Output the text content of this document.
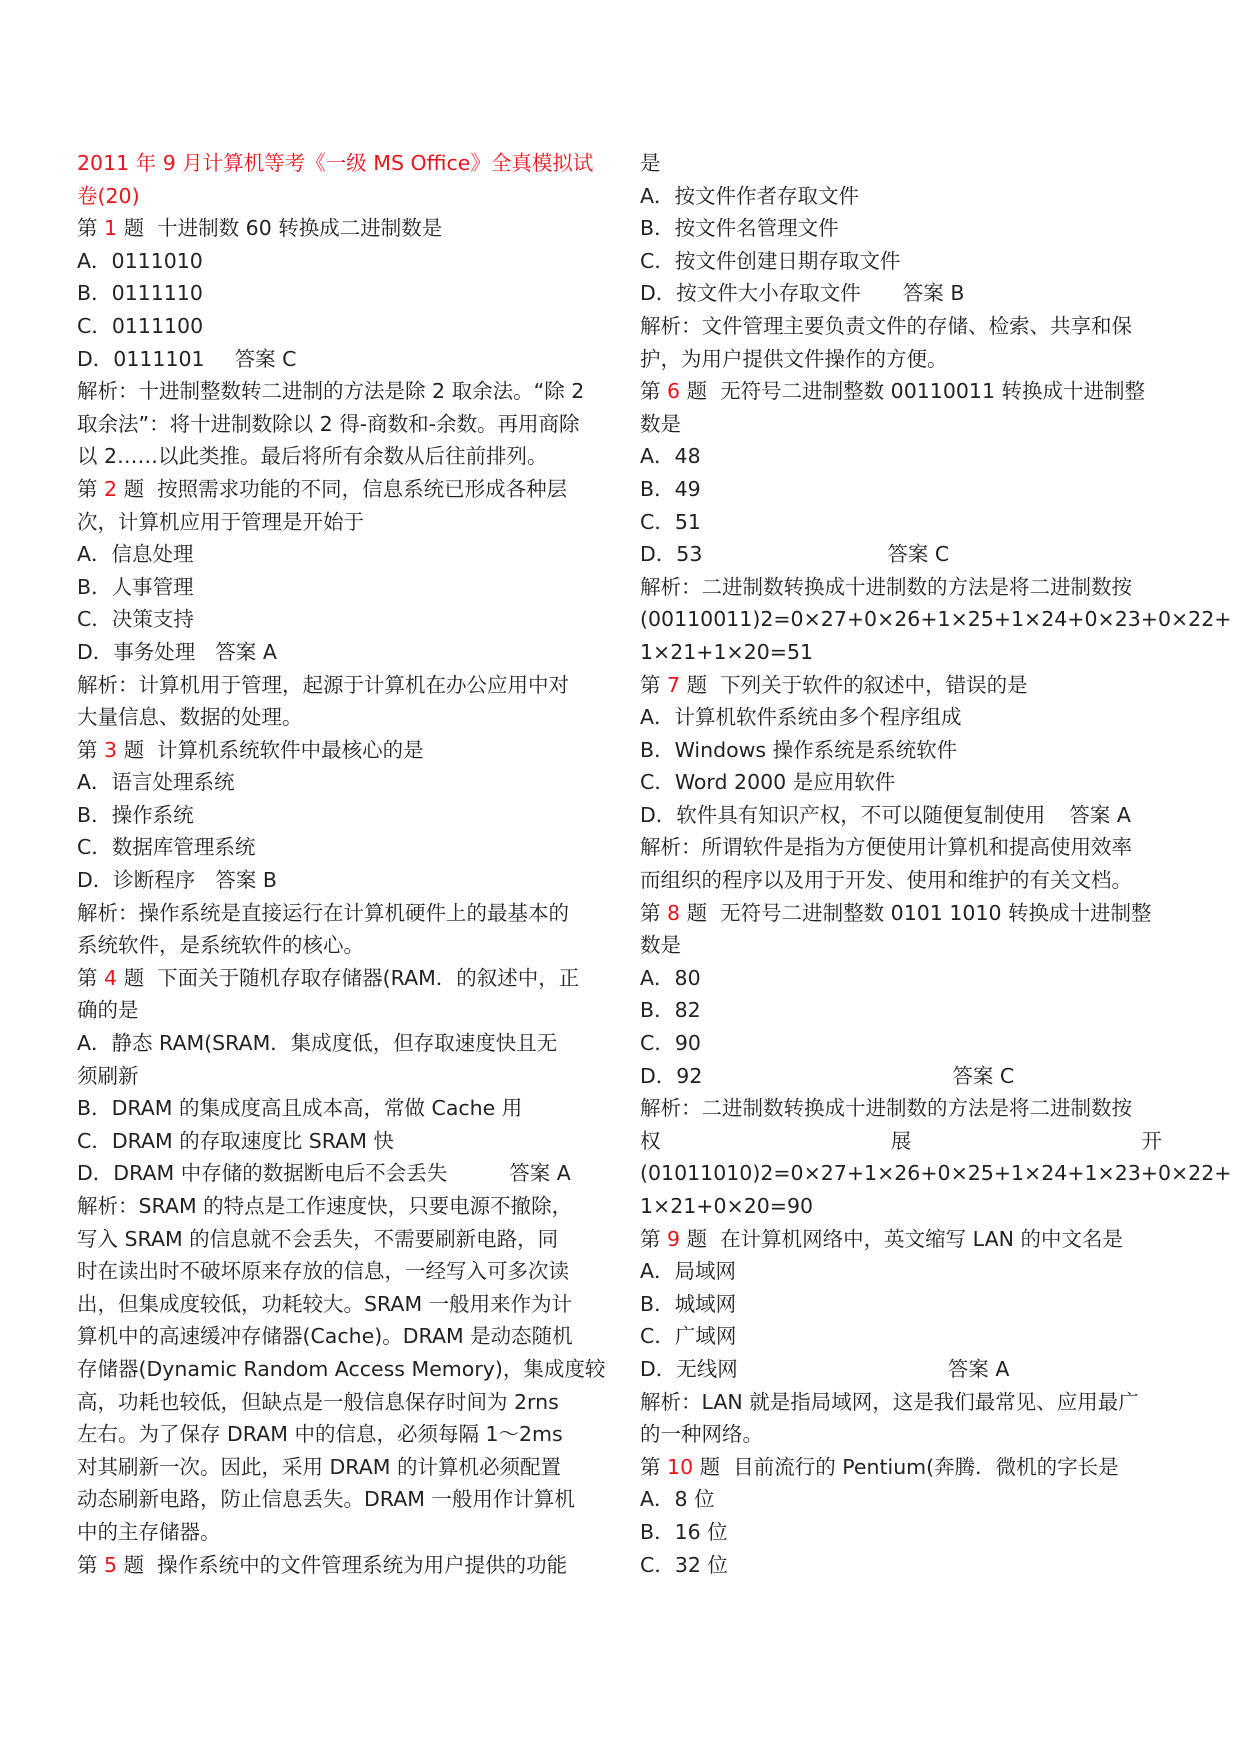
2011 年 9 月计算机等考《一级 MS Office》全真模拟试
卷(20)
第 1 题 十进制数 60 转换成二进制数是
A．0111010
B．0111110
C．0111100
D．0111101 答案 C
解析：十进制整数转二进制的方法是除 2 取余法。“除 2
取余法”：将十进制数除以 2 得-商数和-余数。再用商除
以 2……以此类推。最后将所有余数从后往前排列。
第 2 题 按照需求功能的不同，信息系统已形成各种层
次，计算机应用于管理是开始于
A．信息处理
B．人事管理
C．决策支持
D．事务处理 答案 A
解析：计算机用于管理，起源于计算机在办公应用中对
大量信息、数据的处理。
第 3 题 计算机系统软件中最核心的是
A．语言处理系统
B．操作系统
C．数据库管理系统
D．诊断程序 答案 B
解析：操作系统是直接运行在计算机硬件上的最基本的
系统软件，是系统软件的核心。
第 4 题 下面关于随机存取存储器(RAM．的叙述中，正
确的是
A．静态 RAM(SRAM．集成度低，但存取速度快且无
须刷新
B．DRAM 的集成度高且成本高，常做 Cache 用
C．DRAM 的存取速度比 SRAM 快
D．DRAM 中存储的数据断电后不会丢失	答案 A
解析：SRAM 的特点是工作速度快，只要电源不撤除，
写入 SRAM 的信息就不会丢失，不需要刷新电路，同
时在读出时不破坏原来存放的信息，一经写入可多次读
出，但集成度较低，功耗较大。SRAM 一般用来作为计
算机中的高速缓冲存储器(Cache)。DRAM 是动态随机
存储器(Dynamic Random Access Memory)，集成度较
高，功耗也较低，但缺点是一般信息保存时间为 2rns
左右。为了保存 DRAM 中的信息，必须每隔 1～2ms
对其刷新一次。因此，采用 DRAM 的计算机必须配置
动态刷新电路，防止信息丢失。DRAM 一般用作计算机
中的主存储器。
第 5 题 操作系统中的文件管理系统为用户提供的功能
是
A．按文件作者存取文件
B．按文件名管理文件
C．按文件创建日期存取文件
D．按文件大小存取文件 答案 B
解析：文件管理主要负责文件的存储、检索、共享和保
护，为用户提供文件操作的方便。
第 6 题 无符号二进制整数 00110011 转换成十进制整
数是
A．48
B．49
C．51
D．53	答案 C
解析：二进制数转换成十进制数的方法是将二进制数按
(00110011)2=0×27+0×26+1×25+1×24+0×23+0×22+
1×21+1×20=51
第 7 题 下列关于软件的叙述中，错误的是
A．计算机软件系统由多个程序组成
B．Windows 操作系统是系统软件
C．Word 2000 是应用软件
D．软件具有知识产权，不可以随便复制使用 答案 A
解析：所谓软件是指为方便使用计算机和提高使用效率
而组织的程序以及用于开发、使用和维护的有关文档。
第 8 题 无符号二进制整数 0101 1010 转换成十进制整
数是
A．80
B．82
C．90
D．92	答案 C
解析：二进制数转换成十进制数的方法是将二进制数按
权	展	开
(01011010)2=0×27+1×26+0×25+1×24+1×23+0×22+
1×21+0×20=90
第 9 题 在计算机网络中，英文缩写 LAN 的中文名是
A．局域网
B．城域网
C．广域网
D．无线网	答案 A
解析：LAN 就是指局域网，这是我们最常见、应用最广
的一种网络。
第 10 题 目前流行的 Pentium(奔腾．微机的字长是
A．8 位
B．16 位
C．32 位
